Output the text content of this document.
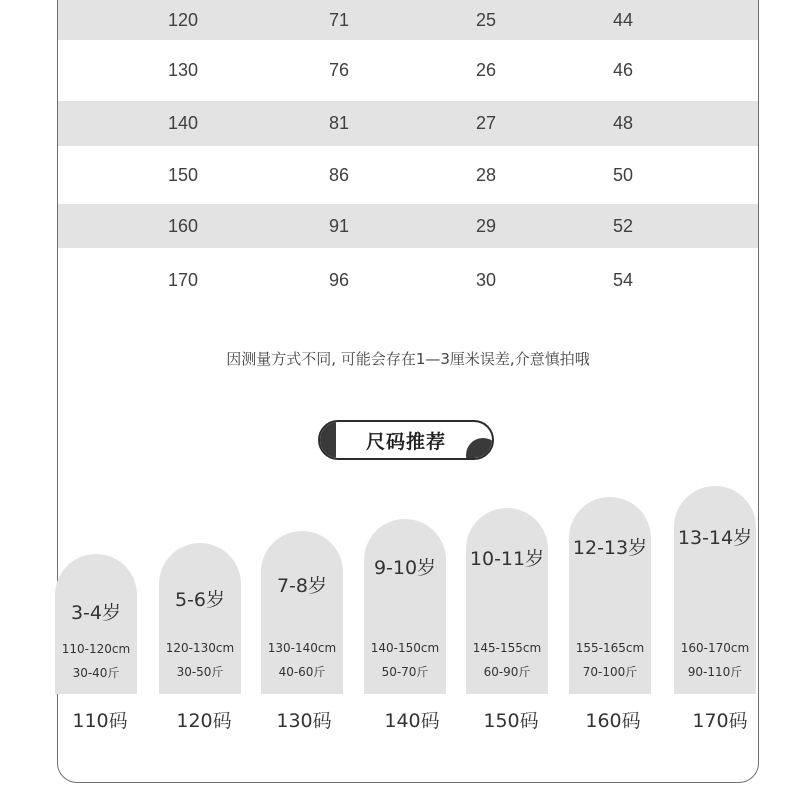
120	71	25	44
130	76	26	46
140	81	27	48
150	86	28	50
160	91	29	52
170	96	30	54
因测量方式不同, 可能会存在1—3厘米误差,介意慎拍哦
尺码推荐
3-4岁
110-120cm
30-40斤
5-6岁
120-130cm
30-50斤
7-8岁
130-140cm
40-60斤
9-10岁
140-150cm
50-70斤
10-11岁
145-155cm
60-90斤
12-13岁
155-165cm
70-100斤
13-14岁
160-170cm
90-110斤
110码	120码	130码	140码	150码	160码	170码
